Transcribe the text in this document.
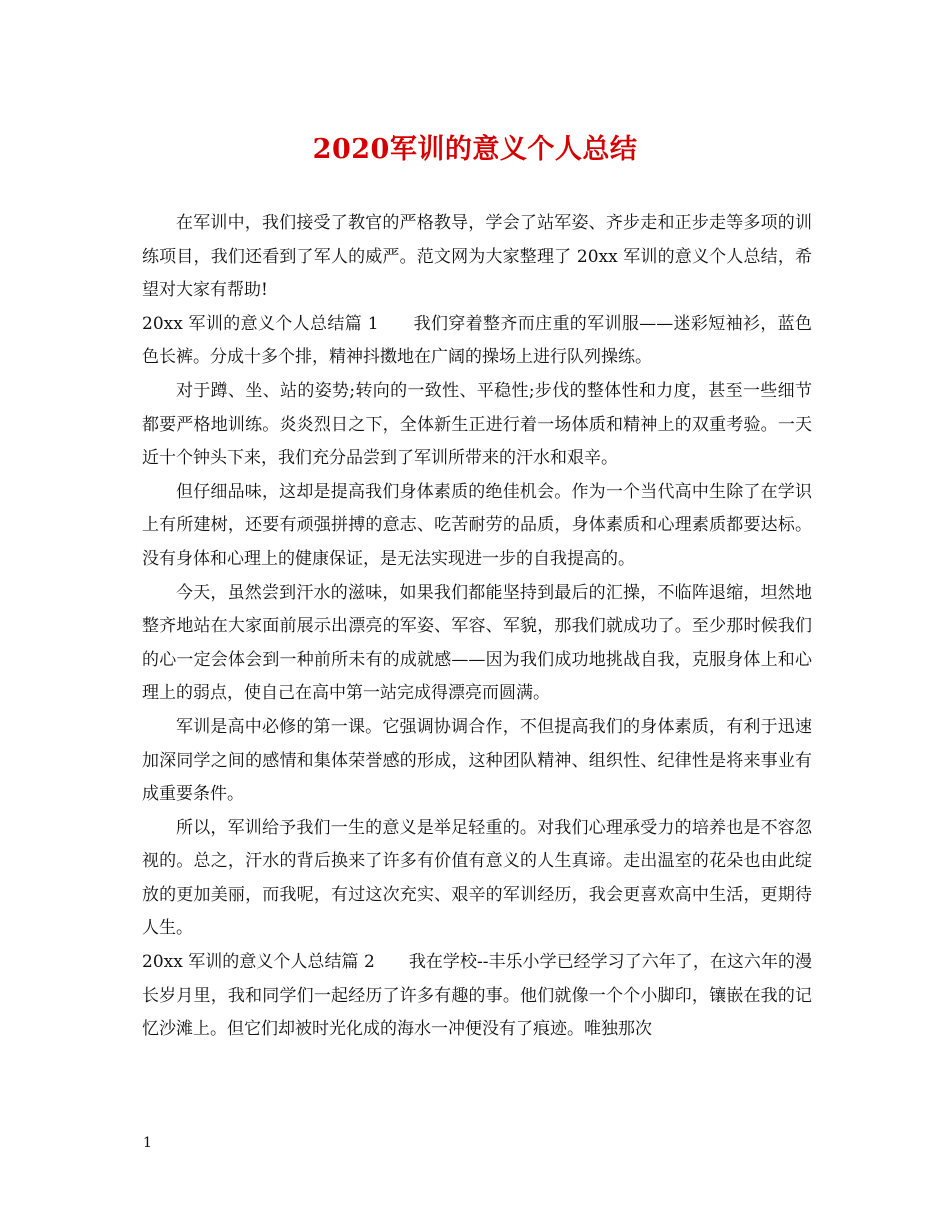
2020军训的意义个人总结

在军训中，我们接受了教官的严格教导，学会了站军姿、齐步走和正步走等多项的训练项目，我们还看到了军人的威严。范文网为大家整理了 20xx 军训的意义个人总结，希望对大家有帮助!

20xx 军训的意义个人总结篇 1　　我们穿着整齐而庄重的军训服——迷彩短袖衫，蓝色色长裤。分成十多个排，精神抖擞地在广阔的操场上进行队列操练。

对于蹲、坐、站的姿势;转向的一致性、平稳性;步伐的整体性和力度，甚至一些细节都要严格地训练。炎炎烈日之下，全体新生正进行着一场体质和精神上的双重考验。一天近十个钟头下来，我们充分品尝到了军训所带来的汗水和艰辛。

但仔细品味，这却是提高我们身体素质的绝佳机会。作为一个当代高中生除了在学识上有所建树，还要有顽强拼搏的意志、吃苦耐劳的品质，身体素质和心理素质都要达标。没有身体和心理上的健康保证，是无法实现进一步的自我提高的。

今天，虽然尝到汗水的滋味，如果我们都能坚持到最后的汇操，不临阵退缩，坦然地整齐地站在大家面前展示出漂亮的军姿、军容、军貌，那我们就成功了。至少那时候我们的心一定会体会到一种前所未有的成就感——因为我们成功地挑战自我，克服身体上和心理上的弱点，使自己在高中第一站完成得漂亮而圆满。

军训是高中必修的第一课。它强调协调合作，不但提高我们的身体素质，有利于迅速加深同学之间的感情和集体荣誉感的形成，这种团队精神、组织性、纪律性是将来事业有成重要条件。

所以，军训给予我们一生的意义是举足轻重的。对我们心理承受力的培养也是不容忽视的。总之，汗水的背后换来了许多有价值有意义的人生真谛。走出温室的花朵也由此绽放的更加美丽，而我呢，有过这次充实、艰辛的军训经历，我会更喜欢高中生活，更期待人生。

20xx 军训的意义个人总结篇 2　　我在学校--丰乐小学已经学习了六年了，在这六年的漫长岁月里，我和同学们一起经历了许多有趣的事。他们就像一个个小脚印，镶嵌在我的记忆沙滩上。但它们却被时光化成的海水一冲便没有了痕迹。唯独那次

1
